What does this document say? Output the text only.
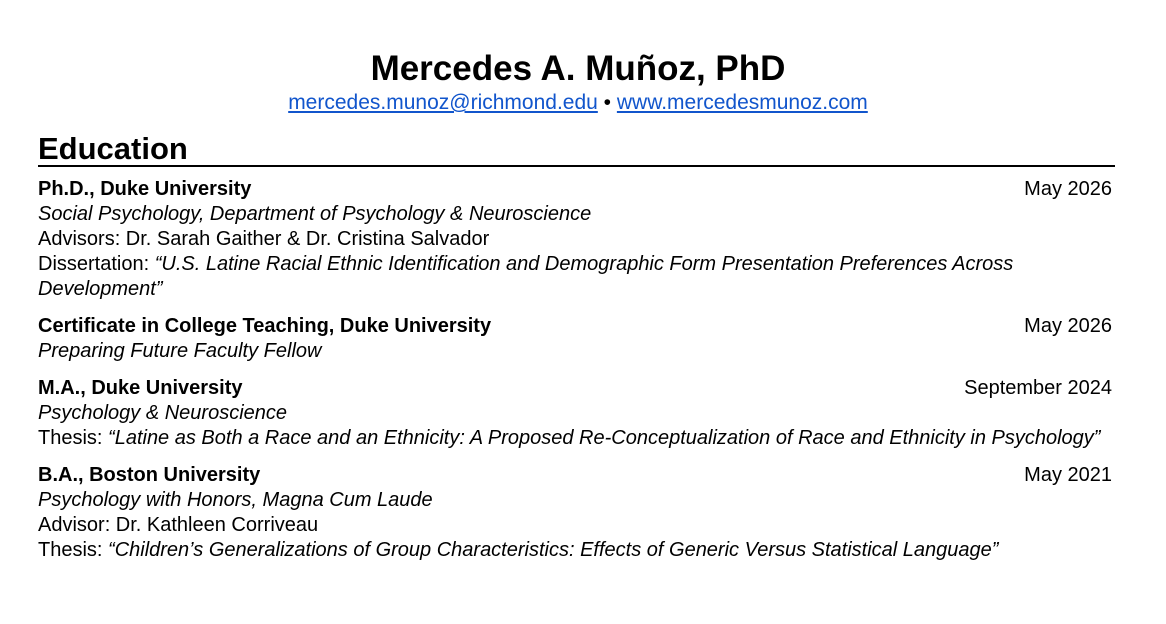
Mercedes A. Muñoz, PhD
mercedes.munoz@richmond.edu • www.mercedesmunoz.com
Education
Ph.D., Duke University	May 2026

Social Psychology, Department of Psychology & Neuroscience

Advisors: Dr. Sarah Gaither & Dr. Cristina Salvador

Dissertation: “U.S. Latine Racial Ethnic Identification and Demographic Form Presentation Preferences Across Development”

Certificate in College Teaching, Duke University	May 2026

Preparing Future Faculty Fellow

M.A., Duke University	September 2024

Psychology & Neuroscience

Thesis: “Latine as Both a Race and an Ethnicity: A Proposed Re-Conceptualization of Race and Ethnicity in Psychology”

B.A., Boston University	May 2021

Psychology with Honors, Magna Cum Laude

Advisor: Dr. Kathleen Corriveau

Thesis: “Children’s Generalizations of Group Characteristics: Effects of Generic Versus Statistical Language”
